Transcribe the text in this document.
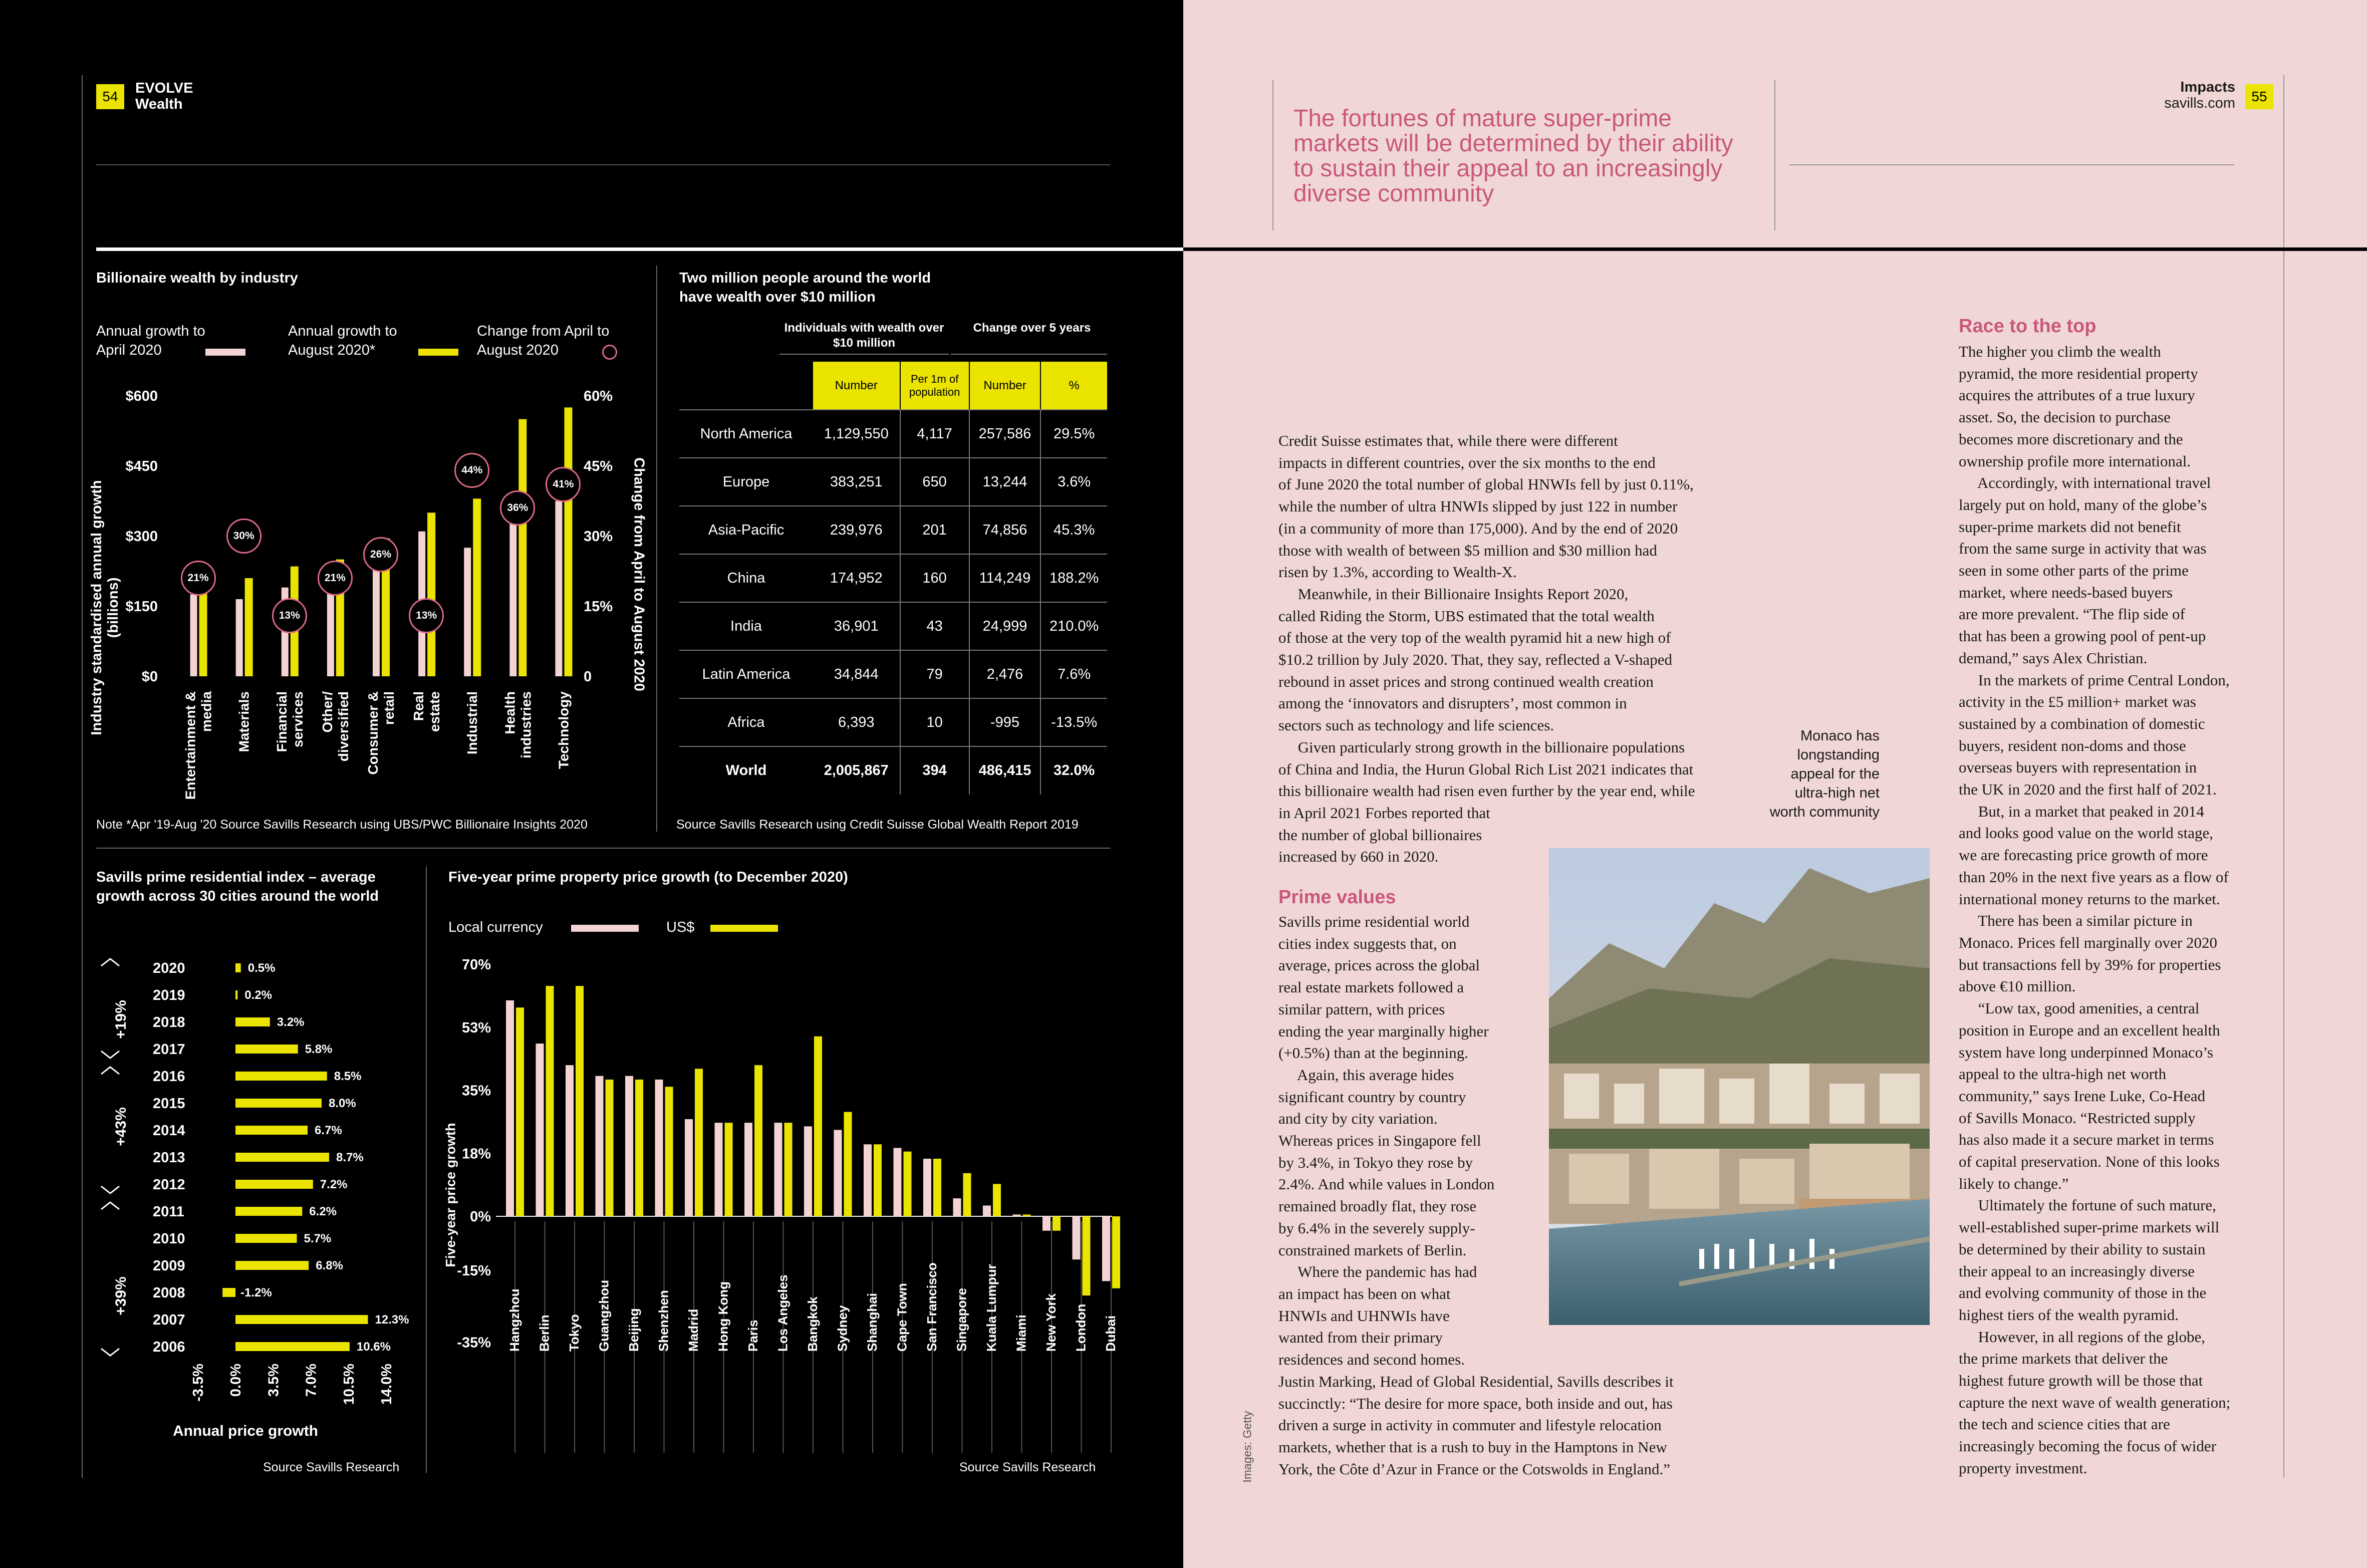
54
EVOLVE
Wealth
Billionaire wealth by industry
Annual growth to April 2020
Annual growth to August 2020*
Change from April to August 2020
$600
$450
$300
$150
$0
60%
45%
30%
15%
0
Entertainment &media Materials Financialservices Other/diversified Consumer &retail Realestate Industrial Healthindustries Technology
21%
30%
13%
21%
26%
13%
44%
36%
41%
Industry standardised annual growth (billions)	Change from April to August 2020
Note *Apr '19-Aug '20 Source Savills Research using UBS/PWC Billionaire Insights 2020
Two million people around the world have wealth over $10 million
Individuals with wealth over $10 million
Change over 5 years
	Number	Per 1m of population	Number	%
North America	1,129,550	4,117	257,586	29.5%
Europe	383,251	650	13,244	3.6%
Asia-Pacific	239,976	201	74,856	45.3%
China	174,952	160	114,249	188.2%
India	36,901	43	24,999	210.0%
Latin America	34,844	79	2,476	7.6%
Africa	6,393	10	-995	-13.5%
World	2,005,867	394	486,415	32.0%
Source Savills Research using Credit Suisse Global Wealth Report 2019
Savills prime residential index – average growth across 30 cities around the world
2020	0.5%
2019	0.2%
2018	3.2%
2017	5.8%
2016	8.5%
2015	8.0%
2014	6.7%
2013	8.7%
2012	7.2%
2011	6.2%
2010	5.7%
2009	6.8%
2008	-1.2%
2007	12.3%
2006	10.6%
-3.5% 0.0% 3.5% 7.0% 10.5% 14.0%
+19%
+43%
+39%
Annual price growth
Source Savills Research
Five-year prime property price growth (to December 2020)
Local currency	US$
70%
53%
35%
18%
0%
-15%
-35% Hangzhou Berlin Tokyo Guangzhou Beijing Shenzhen Madrid Hong Kong Paris Los Angeles Bangkok Sydney Shanghai Cape Town San Francisco Singapore Kuala Lumpur Miami New York London Dubai
Five-year price growth
Source Savills Research
Impacts
savills.com 55
The fortunes of mature super-prime markets will be determined by their ability to sustain their appeal to an increasingly diverse community
Credit Suisse estimates that, while there were different
impacts in different countries, over the six months to the end
of June 2020 the total number of global HNWIs fell by just 0.11%,
while the number of ultra HNWIs slipped by just 122 in number
(in a community of more than 175,000). And by the end of 2020
those with wealth of between $5 million and $30 million had
risen by 1.3%, according to Wealth-X.
Meanwhile, in their Billionaire Insights Report 2020,
called Riding the Storm, UBS estimated that the total wealth
of those at the very top of the wealth pyramid hit a new high of
$10.2 trillion by July 2020. That, they say, reflected a V-shaped
rebound in asset prices and strong continued wealth creation
among the ‘innovators and disrupters’, most common in
sectors such as technology and life sciences.
Given particularly strong growth in the billionaire populations
of China and India, the Hurun Global Rich List 2021 indicates that
this billionaire wealth had risen even further by the year end, while
in April 2021 Forbes reported that
the number of global billionaires
increased by 660 in 2020.
Prime values
Savills prime residential world
cities index suggests that, on
average, prices across the global
real estate markets followed a
similar pattern, with prices
ending the year marginally higher
(+0.5%) than at the beginning.
Again, this average hides
significant country by country
and city by city variation.
Whereas prices in Singapore fell
by 3.4%, in Tokyo they rose by
2.4%. And while values in London
remained broadly flat, they rose
by 6.4% in the severely supply-
constrained markets of Berlin.
Where the pandemic has had
an impact has been on what
HNWIs and UHNWIs have
wanted from their primary
residences and second homes.
Justin Marking, Head of Global Residential, Savills describes it
succinctly: “The desire for more space, both inside and out, has
driven a surge in activity in commuter and lifestyle relocation
markets, whether that is a rush to buy in the Hamptons in New
York, the Côte d’Azur in France or the Cotswolds in England.”
Monaco has
longstanding
appeal for the
ultra-high net
worth community
Images: Getty
Race to the top
The higher you climb the wealth
pyramid, the more residential property
acquires the attributes of a true luxury
asset. So, the decision to purchase
becomes more discretionary and the
ownership profile more international.
Accordingly, with international travel
largely put on hold, many of the globe’s
super-prime markets did not benefit
from the same surge in activity that was
seen in some other parts of the prime
market, where needs-based buyers
are more prevalent. “The flip side of
that has been a growing pool of pent-up
demand,” says Alex Christian.
In the markets of prime Central London,
activity in the £5 million+ market was
sustained by a combination of domestic
buyers, resident non-doms and those
overseas buyers with representation in
the UK in 2020 and the first half of 2021.
But, in a market that peaked in 2014
and looks good value on the world stage,
we are forecasting price growth of more
than 20% in the next five years as a flow of
international money returns to the market.
There has been a similar picture in
Monaco. Prices fell marginally over 2020
but transactions fell by 39% for properties
above €10 million.
“Low tax, good amenities, a central
position in Europe and an excellent health
system have long underpinned Monaco’s
appeal to the ultra-high net worth
community,” says Irene Luke, Co-Head
of Savills Monaco. “Restricted supply
has also made it a secure market in terms
of capital preservation. None of this looks
likely to change.”
Ultimately the fortune of such mature,
well-established super-prime markets will
be determined by their ability to sustain
their appeal to an increasingly diverse
and evolving community of those in the
highest tiers of the wealth pyramid.
However, in all regions of the globe,
the prime markets that deliver the
highest future growth will be those that
capture the next wave of wealth generation;
the tech and science cities that are
increasingly becoming the focus of wider
property investment.
